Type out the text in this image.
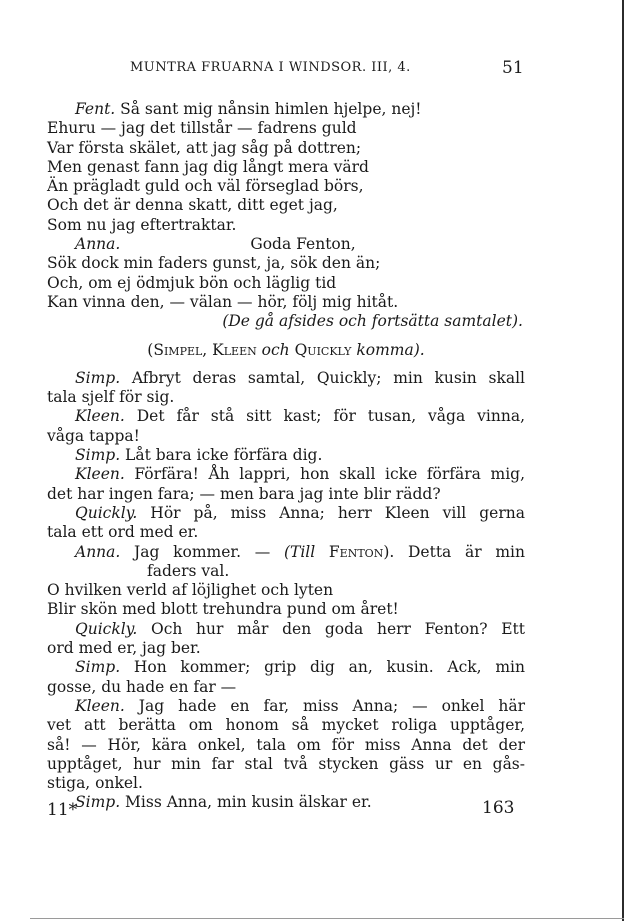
MUNTRA FRUARNA I WINDSOR. III, 4.	51
Fent. Så sant mig nånsin himlen hjelpe, nej!
Ehuru — jag det tillstår — fadrens guld
Var första skälet, att jag såg på dottren;
Men genast fann jag dig långt mera värd
Än prägladt guld och väl förseglad börs,
Och det är denna skatt, ditt eget jag,
Som nu jag eftertraktar.
Anna.	Goda Fenton,
Sök dock min faders gunst, ja, sök den än;
Och, om ej ödmjuk bön och läglig tid
Kan vinna den, — välan — hör, följ mig hitåt.
(De gå afsides och fortsätta samtalet).
(Simpel, Kleen och Quickly komma).
Simp. Afbryt deras samtal, Quickly; min kusin skall
tala sjelf för sig.
Kleen. Det får stå sitt kast; för tusan, våga vinna,
våga tappa!
Simp. Låt bara icke förfära dig.
Kleen. Förfära! Åh lappri, hon skall icke förfära mig,
det har ingen fara; — men bara jag inte blir rädd?
Quickly. Hör på, miss Anna; herr Kleen vill gerna
tala ett ord med er.
Anna. Jag kommer. — (Till Fenton). Detta är min
faders val.
O hvilken verld af löjlighet och lyten
Blir skön med blott trehundra pund om året!
Quickly. Och hur mår den goda herr Fenton? Ett
ord med er, jag ber.
Simp. Hon kommer; grip dig an, kusin. Ack, min
gosse, du hade en far —
Kleen. Jag hade en far, miss Anna; — onkel här
vet att berätta om honom så mycket roliga upptåger,
så! — Hör, kära onkel, tala om för miss Anna det der
upptåget, hur min far stal två stycken gäss ur en gås-
stiga, onkel.
Simp. Miss Anna, min kusin älskar er.
11*	163
